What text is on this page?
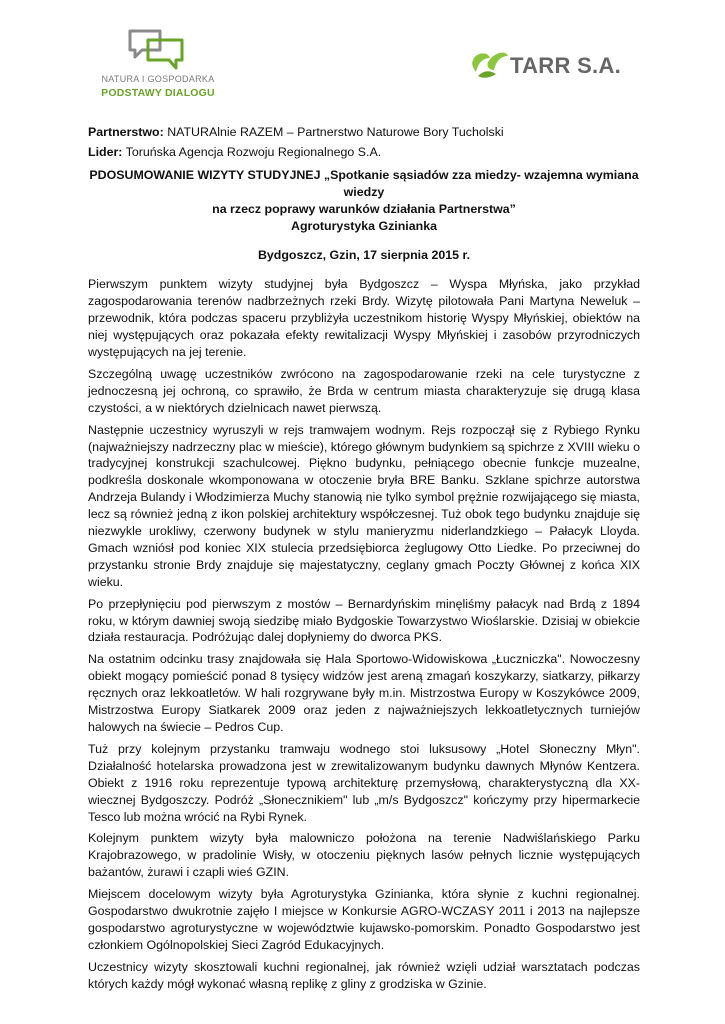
NATURA I GOSPODARKA
PODSTAWY DIALOGU
TARR S.A.

Partnerstwo: NATURAlnie RAZEM – Partnerstwo Naturowe Bory Tucholski

Lider: Toruńska Agencja Rozwoju Regionalnego S.A.

PDOSUMOWANIE WIZYTY STUDYJNEJ „Spotkanie sąsiadów zza miedzy- wzajemna wymiana wiedzy
na rzecz poprawy warunków działania Partnerstwa”
Agroturystyka Gzinianka
Bydgoszcz, Gzin, 17 sierpnia 2015 r.

Pierwszym punktem wizyty studyjnej była Bydgoszcz – Wyspa Młyńska, jako przykład zagospodarowania terenów nadbrzeżnych rzeki Brdy. Wizytę pilotowała Pani Martyna Neweluk – przewodnik, która podczas spaceru przybliżyła uczestnikom historię Wyspy Młyńskiej, obiektów na niej występujących oraz pokazała efekty rewitalizacji Wyspy Młyńskiej i zasobów przyrodniczych występujących na jej terenie.

Szczególną uwagę uczestników zwrócono na zagospodarowanie rzeki na cele turystyczne z jednoczesną jej ochroną, co sprawiło, że Brda w centrum miasta charakteryzuje się drugą klasa czystości, a w niektórych dzielnicach nawet pierwszą.

Następnie uczestnicy wyruszyli w rejs tramwajem wodnym. Rejs rozpoczął się z Rybiego Rynku (najważniejszy nadrzeczny plac w mieście), którego głównym budynkiem są spichrze z XVIII wieku o tradycyjnej konstrukcji szachulcowej. Piękno budynku, pełniącego obecnie funkcje muzealne, podkreśla doskonale wkomponowana w otoczenie bryła BRE Banku. Szklane spichrze autorstwa Andrzeja Bulandy i Włodzimierza Muchy stanowią nie tylko symbol prężnie rozwijającego się miasta, lecz są również jedną z ikon polskiej architektury współczesnej. Tuż obok tego budynku znajduje się niezwykle urokliwy, czerwony budynek w stylu manieryzmu niderlandzkiego – Pałacyk Lloyda. Gmach wzniósł pod koniec XIX stulecia przedsiębiorca żeglugowy Otto Liedke. Po przeciwnej do przystanku stronie Brdy znajduje się majestatyczny, ceglany gmach Poczty Głównej z końca XIX wieku.

Po przepłynięciu pod pierwszym z mostów – Bernardyńskim minęliśmy pałacyk nad Brdą z 1894 roku, w którym dawniej swoją siedzibę miało Bydgoskie Towarzystwo Wioślarskie. Dzisiaj w obiekcie działa restauracja. Podróżując dalej dopłyniemy do dworca PKS.

Na ostatnim odcinku trasy znajdowała się Hala Sportowo-Widowiskowa „Łuczniczka". Nowoczesny obiekt mogący pomieścić ponad 8 tysięcy widzów jest areną zmagań koszykarzy, siatkarzy, piłkarzy ręcznych oraz lekkoatletów. W hali rozgrywane były m.in. Mistrzostwa Europy w Koszykówce 2009, Mistrzostwa Europy Siatkarek 2009 oraz jeden z najważniejszych lekkoatletycznych turniejów halowych na świecie – Pedros Cup.

Tuż przy kolejnym przystanku tramwaju wodnego stoi luksusowy „Hotel Słoneczny Młyn". Działalność hotelarska prowadzona jest w zrewitalizowanym budynku dawnych Młynów Kentzera. Obiekt z 1916 roku reprezentuje typową architekturę przemysłową, charakterystyczną dla XX-wiecznej Bydgoszczy. Podróż „Słonecznikiem" lub „m/s Bydgoszcz" kończymy przy hipermarkecie Tesco lub można wrócić na Rybi Rynek.

Kolejnym punktem wizyty była malowniczo położona na terenie Nadwiślańskiego Parku Krajobrazowego, w pradolinie Wisły, w otoczeniu pięknych lasów pełnych licznie występujących bażantów, żurawi i czapli wieś GZIN.

Miejscem docelowym wizyty była Agroturystyka Gzinianka, która słynie z kuchni regionalnej. Gospodarstwo dwukrotnie zajęło I miejsce w Konkursie AGRO-WCZASY 2011 i 2013 na najlepsze gospodarstwo agroturystyczne w województwie kujawsko-pomorskim. Ponadto Gospodarstwo jest członkiem Ogólnopolskiej Sieci Zagród Edukacyjnych.

Uczestnicy wizyty skosztowali kuchni regionalnej, jak również wzięli udział warsztatach podczas których każdy mógł wykonać własną replikę z gliny z grodziska w Gzinie.
